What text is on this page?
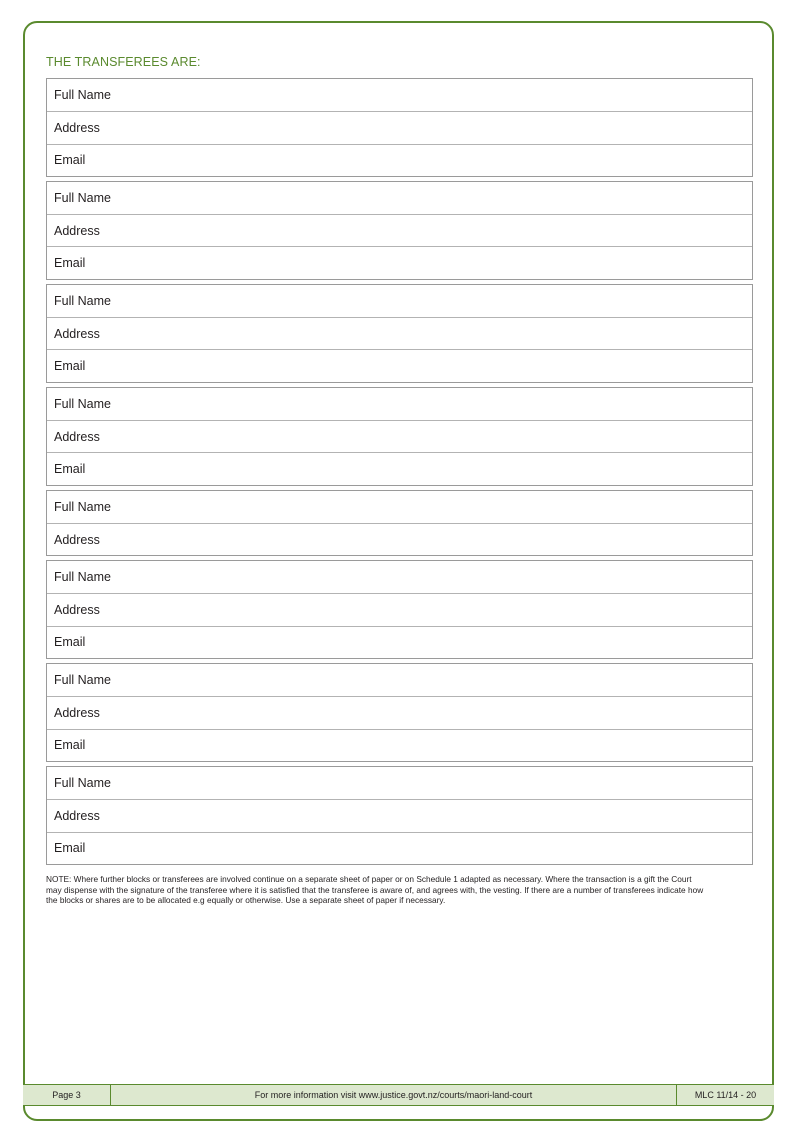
THE TRANSFEREES ARE:
Full Name
Address
Email
Full Name
Address
Email
Full Name
Address
Email
Full Name
Address
Email
Full Name
Address
Full Name
Address
Email
Full Name
Address
Email
Full Name
Address
Email

NOTE: Where further blocks or transferees are involved continue on a separate sheet of paper or on Schedule 1 adapted as necessary. Where the transaction is a gift the Court may dispense with the signature of the transferee where it is satisfied that the transferee is aware of, and agrees with, the vesting. If there are a number of transferees indicate how the blocks or shares are to be allocated e.g equally or otherwise. Use a separate sheet of paper if necessary.

Page 3	For more information visit www.justice.govt.nz/courts/maori-land-court	MLC 11/14 - 20
